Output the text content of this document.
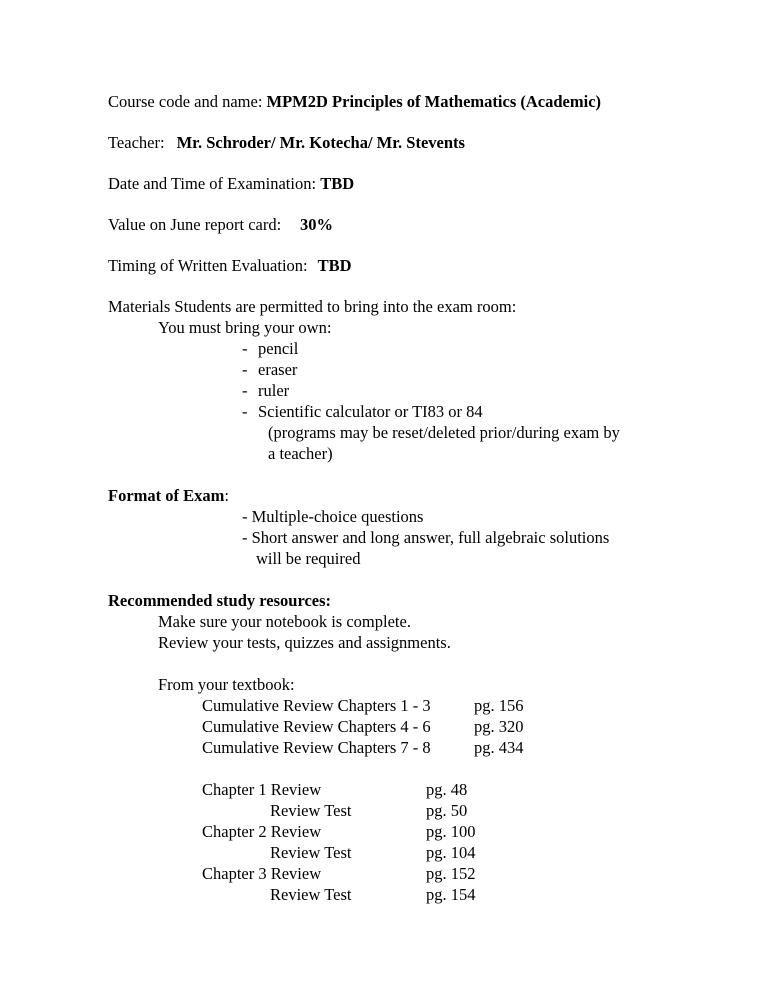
Course code and name: MPM2D Principles of Mathematics (Academic)
Teacher: Mr. Schroder/ Mr. Kotecha/ Mr. Stevents
Date and Time of Examination: TBD
Value on June report card: 30%
Timing of Written Evaluation: TBD
Materials Students are permitted to bring into the exam room:
You must bring your own:
- pencil
- eraser
- ruler
- Scientific calculator or TI83 or 84
(programs may be reset/deleted prior/during exam by
a teacher)
Format of Exam:
- Multiple-choice questions
- Short answer and long answer, full algebraic solutions
will be required
Recommended study resources:
Make sure your notebook is complete.
Review your tests, quizzes and assignments.
From your textbook:
Cumulative Review Chapters 1 - 3	pg. 156
Cumulative Review Chapters 4 - 6	pg. 320
Cumulative Review Chapters 7 - 8	pg. 434
Chapter 1 Review	pg. 48
Review Test	pg. 50
Chapter 2 Review	pg. 100
Review Test	pg. 104
Chapter 3 Review	pg. 152
Review Test	pg. 154
